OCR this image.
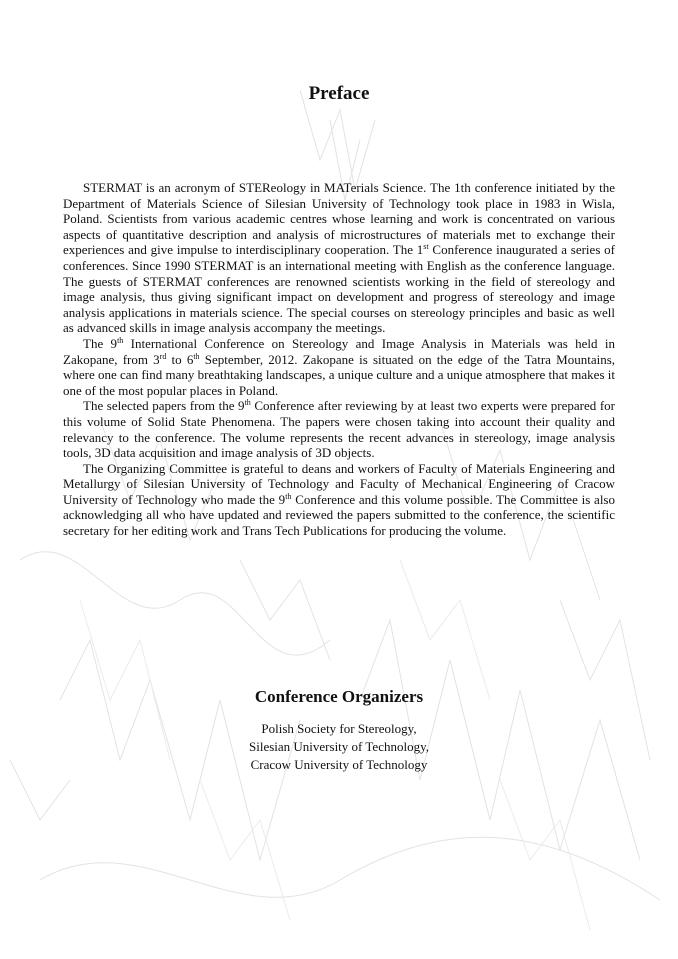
Preface

STERMAT is an acronym of STEReology in MATerials Science. The 1th conference initiated by the Department of Materials Science of Silesian University of Technology took place in 1983 in Wisla, Poland. Scientists from various academic centres whose learning and work is concentrated on various aspects of quantitative description and analysis of microstructures of materials met to exchange their experiences and give impulse to interdisciplinary cooperation. The 1st Conference inaugurated a series of conferences. Since 1990 STERMAT is an international meeting with English as the conference language. The guests of STERMAT conferences are renowned scientists working in the field of stereology and image analysis, thus giving significant impact on development and progress of stereology and image analysis applications in materials science. The special courses on stereology principles and basic as well as advanced skills in image analysis accompany the meetings.

The 9th International Conference on Stereology and Image Analysis in Materials was held in Zakopane, from 3rd to 6th September, 2012. Zakopane is situated on the edge of the Tatra Mountains, where one can find many breathtaking landscapes, a unique culture and a unique atmosphere that makes it one of the most popular places in Poland.

The selected papers from the 9th Conference after reviewing by at least two experts were prepared for this volume of Solid State Phenomena. The papers were chosen taking into account their quality and relevancy to the conference. The volume represents the recent advances in stereology, image analysis tools, 3D data acquisition and image analysis of 3D objects.

The Organizing Committee is grateful to deans and workers of Faculty of Materials Engineering and Metallurgy of Silesian University of Technology and Faculty of Mechanical Engineering of Cracow University of Technology who made the 9th Conference and this volume possible. The Committee is also acknowledging all who have updated and reviewed the papers submitted to the conference, the scientific secretary for her editing work and Trans Tech Publications for producing the volume.

Conference Organizers
Polish Society for Stereology,
Silesian University of Technology,
Cracow University of Technology
